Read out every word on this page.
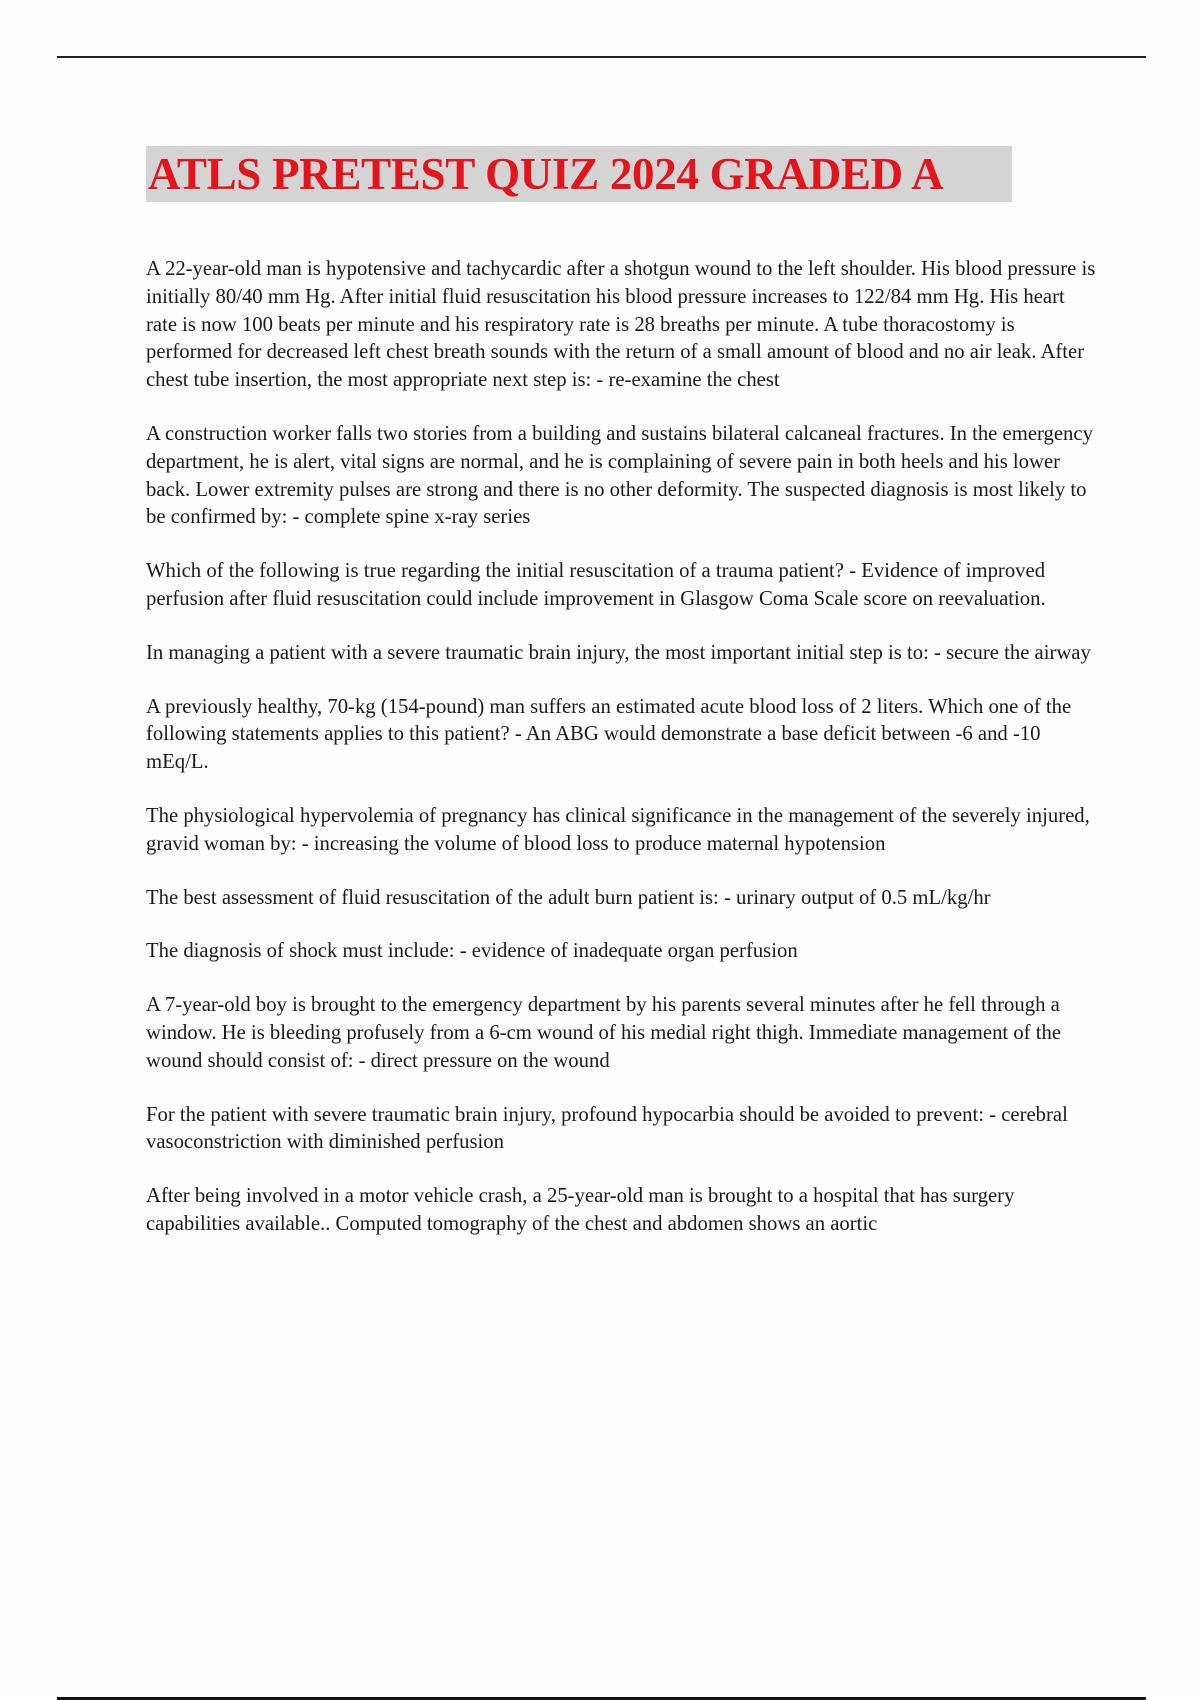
ATLS PRETEST QUIZ 2024 GRADED A

A 22-year-old man is hypotensive and tachycardic after a shotgun wound to the left shoulder. His blood pressure is initially 80/40 mm Hg. After initial fluid resuscitation his blood pressure increases to 122/84 mm Hg. His heart rate is now 100 beats per minute and his respiratory rate is 28 breaths per minute. A tube thoracostomy is performed for decreased left chest breath sounds with the return of a small amount of blood and no air leak. After chest tube insertion, the most appropriate next step is: - re-examine the chest

A construction worker falls two stories from a building and sustains bilateral calcaneal fractures. In the emergency department, he is alert, vital signs are normal, and he is complaining of severe pain in both heels and his lower back. Lower extremity pulses are strong and there is no other deformity. The suspected diagnosis is most likely to be confirmed by: - complete spine x-ray series

Which of the following is true regarding the initial resuscitation of a trauma patient? - Evidence of improved perfusion after fluid resuscitation could include improvement in Glasgow Coma Scale score on reevaluation.

In managing a patient with a severe traumatic brain injury, the most important initial step is to: - secure the airway

A previously healthy, 70-kg (154-pound) man suffers an estimated acute blood loss of 2 liters. Which one of the following statements applies to this patient? - An ABG would demonstrate a base deficit between -6 and -10 mEq/L.

The physiological hypervolemia of pregnancy has clinical significance in the management of the severely injured, gravid woman by: - increasing the volume of blood loss to produce maternal hypotension

The best assessment of fluid resuscitation of the adult burn patient is: - urinary output of 0.5 mL/kg/hr

The diagnosis of shock must include: - evidence of inadequate organ perfusion

A 7-year-old boy is brought to the emergency department by his parents several minutes after he fell through a window. He is bleeding profusely from a 6-cm wound of his medial right thigh. Immediate management of the wound should consist of: - direct pressure on the wound

For the patient with severe traumatic brain injury, profound hypocarbia should be avoided to prevent: - cerebral vasoconstriction with diminished perfusion

After being involved in a motor vehicle crash, a 25-year-old man is brought to a hospital that has surgery capabilities available.. Computed tomography of the chest and abdomen shows an aortic
